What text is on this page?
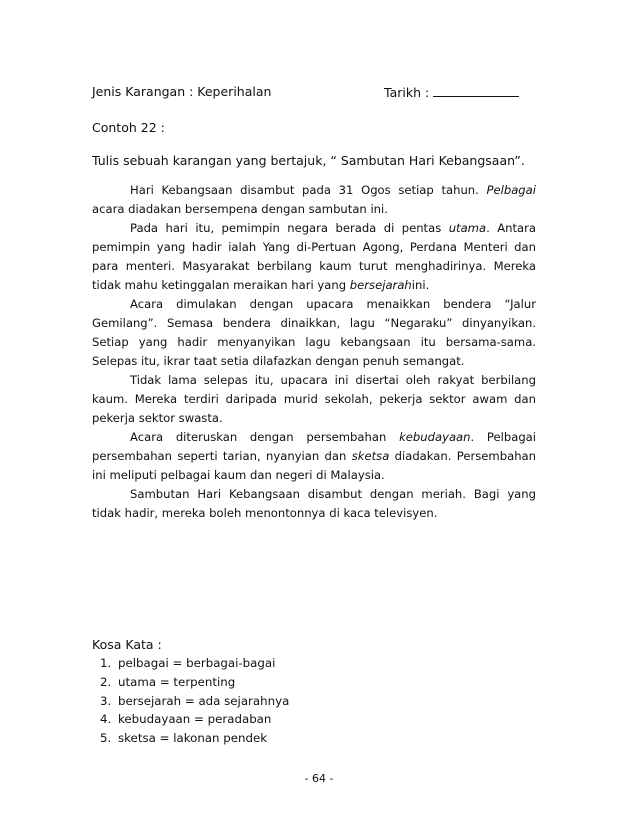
Jenis Karangan : Keperihalan	Tarikh :
Contoh 22 :
Tulis sebuah karangan yang bertajuk, “ Sambutan Hari Kebangsaan”.

Hari Kebangsaan disambut pada 31 Ogos setiap tahun. Pelbagai acara diadakan bersempena dengan sambutan ini.

Pada hari itu, pemimpin negara berada di pentas utama. Antara pemimpin yang hadir ialah Yang di-Pertuan Agong, Perdana Menteri dan para menteri. Masyarakat berbilang kaum turut menghadirinya. Mereka tidak mahu ketinggalan meraikan hari yang bersejarahini.

Acara dimulakan dengan upacara menaikkan bendera “Jalur Gemilang”. Semasa bendera dinaikkan, lagu “Negaraku” dinyanyikan. Setiap yang hadir menyanyikan lagu kebangsaan itu bersama-sama. Selepas itu, ikrar taat setia dilafazkan dengan penuh semangat.

Tidak lama selepas itu, upacara ini disertai oleh rakyat berbilang kaum. Mereka terdiri daripada murid sekolah, pekerja sektor awam dan pekerja sektor swasta.

Acara diteruskan dengan persembahan kebudayaan. Pelbagai persembahan seperti tarian, nyanyian dan sketsa diadakan. Persembahan ini meliputi pelbagai kaum dan negeri di Malaysia.

Sambutan Hari Kebangsaan disambut dengan meriah. Bagi yang tidak hadir, mereka boleh menontonnya di kaca televisyen.

Kosa Kata :
1. pelbagai = berbagai-bagai
2. utama = terpenting
3. bersejarah = ada sejarahnya
4. kebudayaan = peradaban
5. sketsa = lakonan pendek
- 64 -
